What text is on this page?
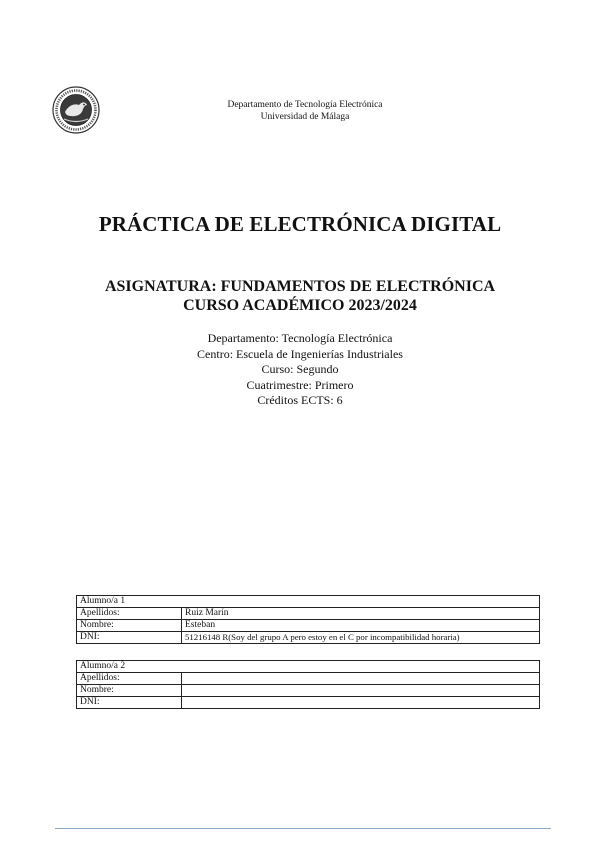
Departamento de Tecnología Electrónica
Universidad de Málaga
PRÁCTICA DE ELECTRÓNICA DIGITAL
ASIGNATURA: FUNDAMENTOS DE ELECTRÓNICA
CURSO ACADÉMICO 2023/2024
Departamento: Tecnología Electrónica
Centro: Escuela de Ingenierías Industriales
Curso: Segundo
Cuatrimestre: Primero
Créditos ECTS: 6
Alumno/a 1	
Apellidos:	Ruiz Marín
Nombre:	Esteban
DNI:	51216148 R(Soy del grupo A pero estoy en el C por incompatibilidad horaria)
Alumno/a 2	
Apellidos:	
Nombre:	
DNI:	
